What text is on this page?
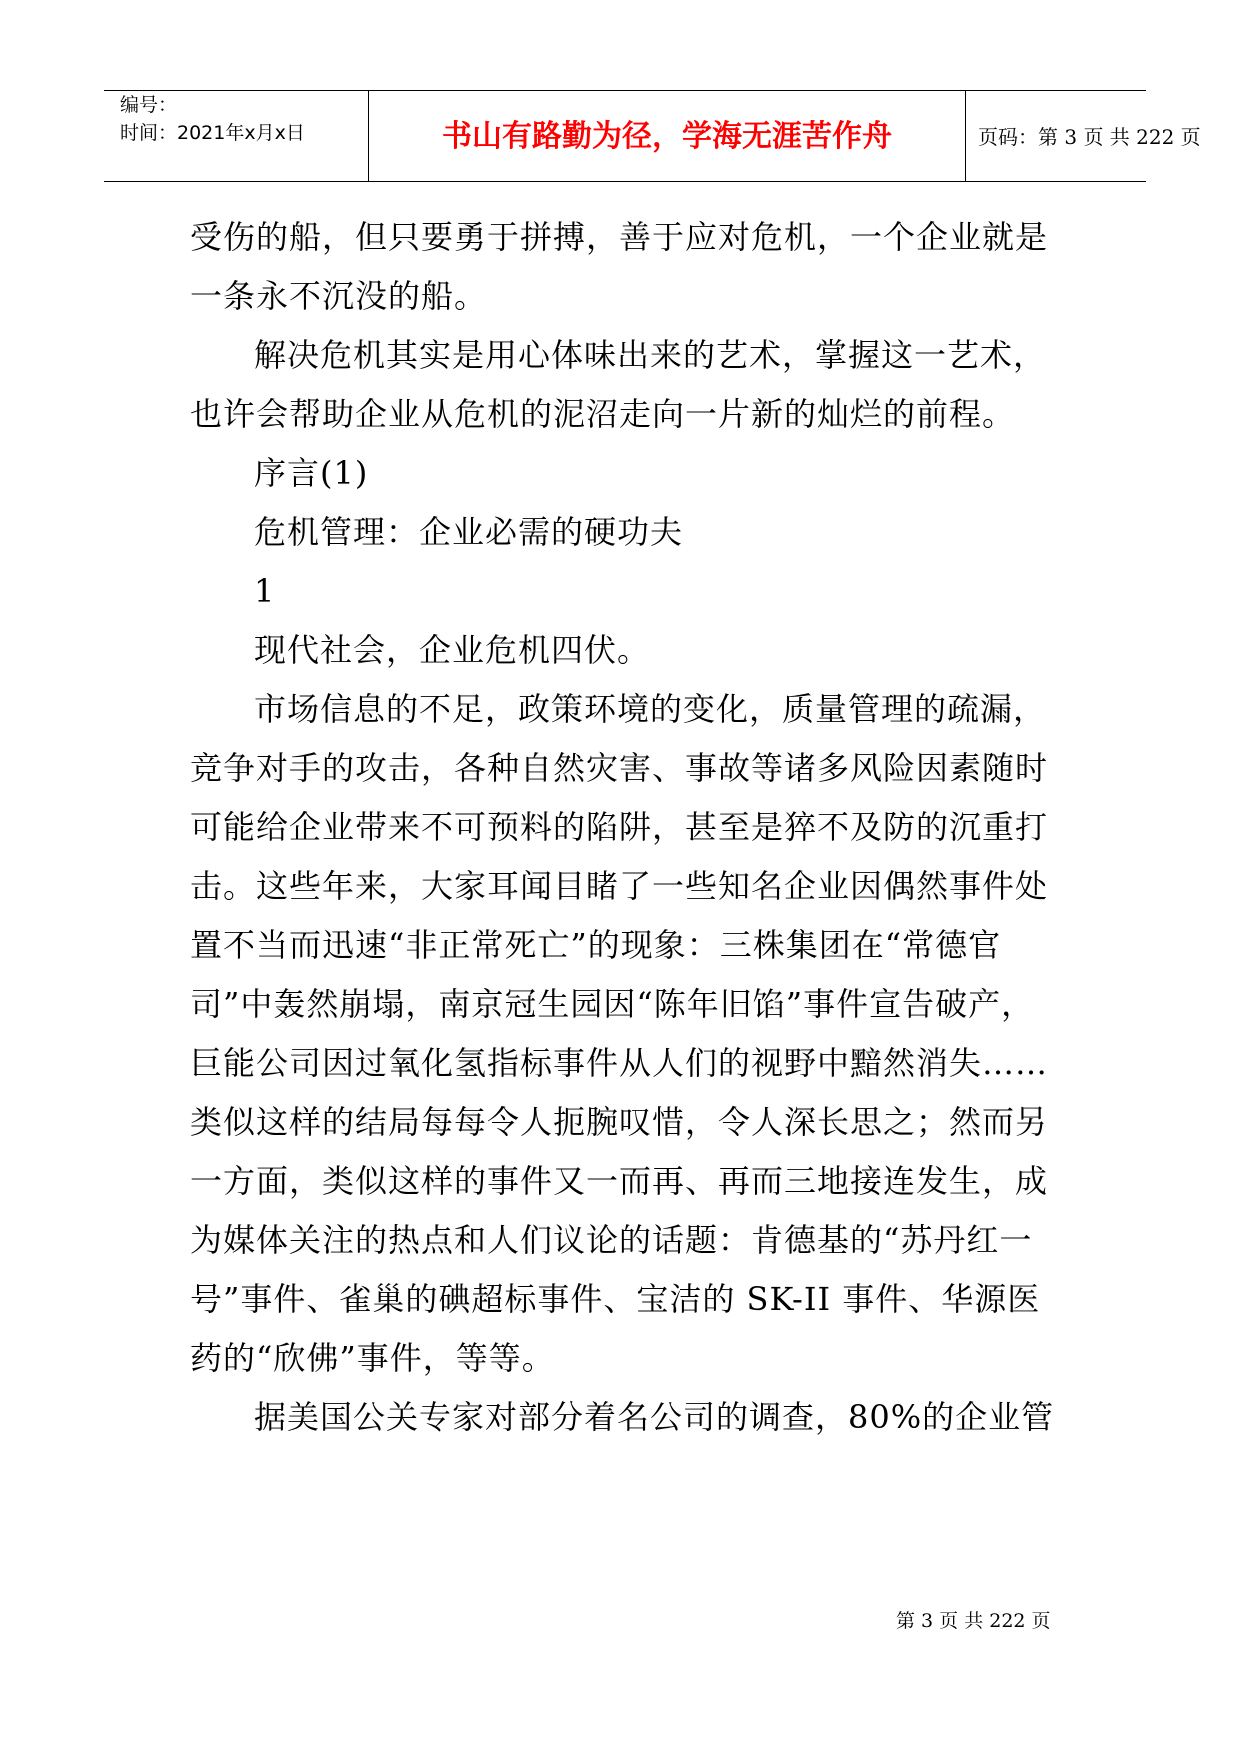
编号：
时间：2021年x月x日	书山有路勤为径，学海无涯苦作舟	页码：第 3 页 共 222 页
受伤的船，但只要勇于拼搏，善于应对危机，一个企业就是
一条永不沉没的船。
解决危机其实是用心体味出来的艺术，掌握这一艺术，
也许会帮助企业从危机的泥沼走向一片新的灿烂的前程。
序言(1)
危机管理：企业必需的硬功夫
1
现代社会，企业危机四伏。
市场信息的不足，政策环境的变化，质量管理的疏漏，
竞争对手的攻击，各种自然灾害、事故等诸多风险因素随时
可能给企业带来不可预料的陷阱，甚至是猝不及防的沉重打
击。这些年来，大家耳闻目睹了一些知名企业因偶然事件处
置不当而迅速“非正常死亡”的现象：三株集团在“常德官
司”中轰然崩塌，南京冠生园因“陈年旧馅”事件宣告破产，
巨能公司因过氧化氢指标事件从人们的视野中黯然消失……
类似这样的结局每每令人扼腕叹惜，令人深长思之；然而另
一方面，类似这样的事件又一而再、再而三地接连发生，成
为媒体关注的热点和人们议论的话题：肯德基的“苏丹红一
号”事件、雀巢的碘超标事件、宝洁的 SK-II 事件、华源医
药的“欣佛”事件，等等。
据美国公关专家对部分着名公司的调查，80%的企业管
第 3 页 共 222 页
